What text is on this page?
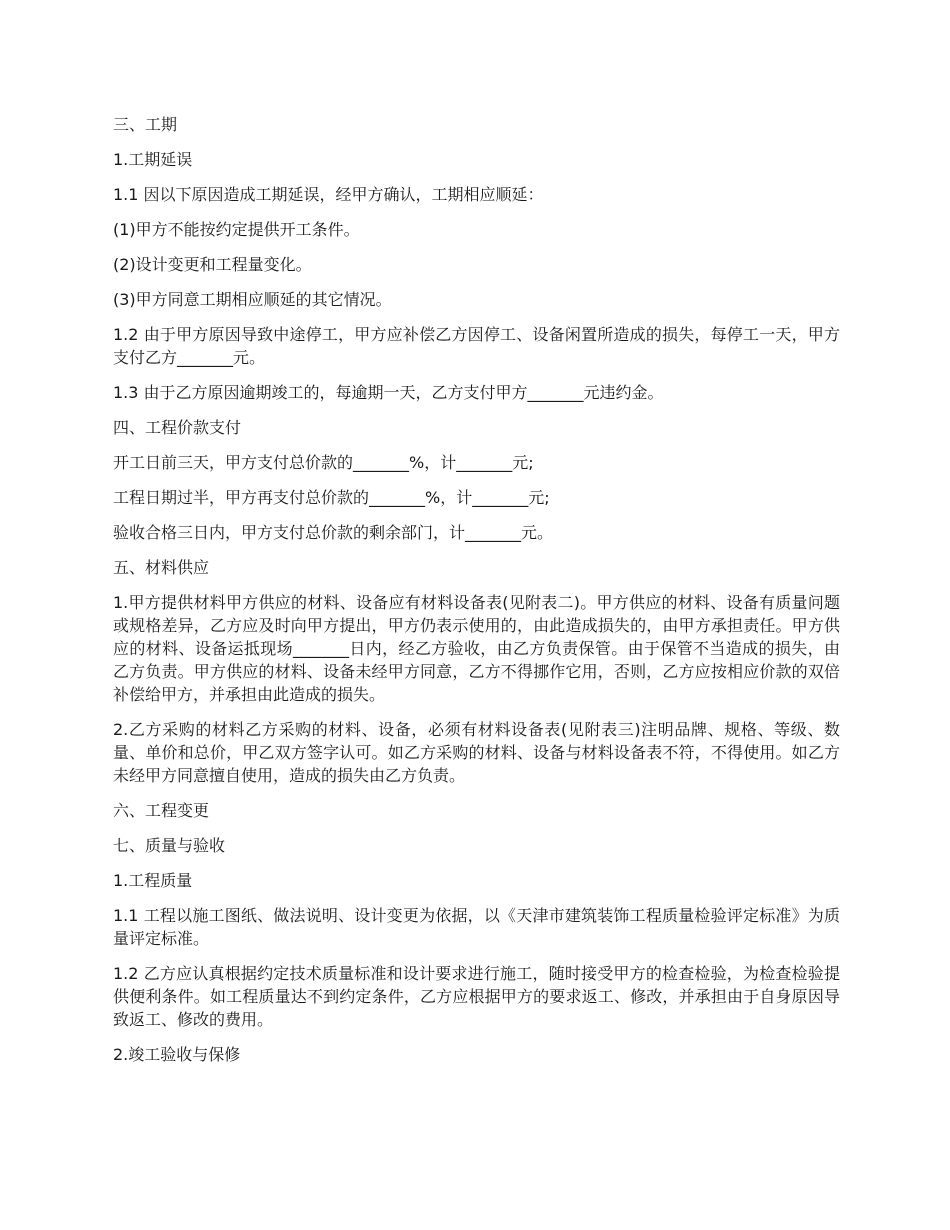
三、工期

1.工期延误

1.1 因以下原因造成工期延误，经甲方确认，工期相应顺延：

(1)甲方不能按约定提供开工条件。

(2)设计变更和工程量变化。

(3)甲方同意工期相应顺延的其它情况。

1.2 由于甲方原因导致中途停工，甲方应补偿乙方因停工、设备闲置所造成的损失，每停工一天，甲方支付乙方_______元。

1.3 由于乙方原因逾期竣工的，每逾期一天，乙方支付甲方_______元违约金。

四、工程价款支付

开工日前三天，甲方支付总价款的_______%，计_______元;

工程日期过半，甲方再支付总价款的_______%，计_______元;

验收合格三日内，甲方支付总价款的剩余部门，计_______元。

五、材料供应

1.甲方提供材料甲方供应的材料、设备应有材料设备表(见附表二)。甲方供应的材料、设备有质量问题或规格差异，乙方应及时向甲方提出，甲方仍表示使用的，由此造成损失的，由甲方承担责任。甲方供应的材料、设备运抵现场_______日内，经乙方验收，由乙方负责保管。由于保管不当造成的损失，由乙方负责。甲方供应的材料、设备未经甲方同意，乙方不得挪作它用，否则，乙方应按相应价款的双倍补偿给甲方，并承担由此造成的损失。

2.乙方采购的材料乙方采购的材料、设备，必须有材料设备表(见附表三)注明品牌、规格、等级、数量、单价和总价，甲乙双方签字认可。如乙方采购的材料、设备与材料设备表不符，不得使用。如乙方未经甲方同意擅自使用，造成的损失由乙方负责。

六、工程变更

七、质量与验收

1.工程质量

1.1 工程以施工图纸、做法说明、设计变更为依据，以《天津市建筑装饰工程质量检验评定标准》为质量评定标准。

1.2 乙方应认真根据约定技术质量标准和设计要求进行施工，随时接受甲方的检查检验，为检查检验提供便利条件。如工程质量达不到约定条件，乙方应根据甲方的要求返工、修改，并承担由于自身原因导致返工、修改的费用。

2.竣工验收与保修
